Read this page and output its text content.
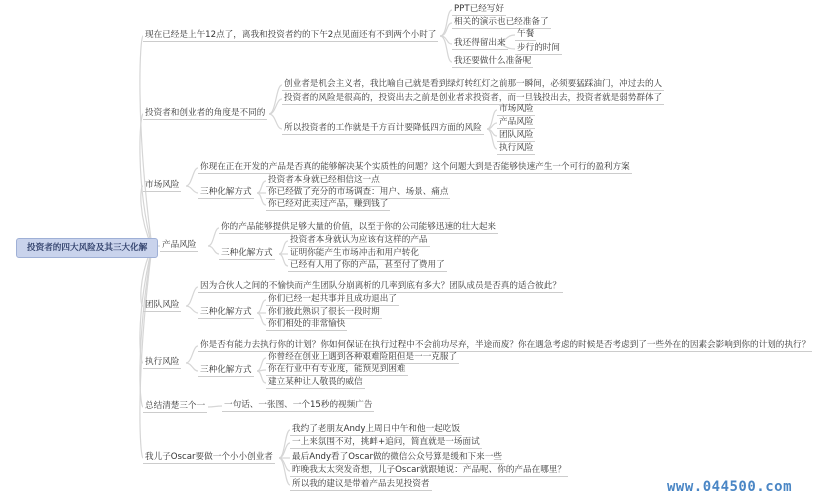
投资者的四大风险及其三大化解
现在已经是上午12点了，离我和投资者约的下午2点见面还有不到两个小时了
PPT已经写好
相关的演示也已经准备了
我还得留出来
午餐
步行的时间
我还要做什么准备呢
投资者和创业者的角度是不同的
创业者是机会主义者，我比喻自己就是看到绿灯转红灯之前那一瞬间，必须要猛踩油门，冲过去的人
投资者的风险是很高的，投资出去之前是创业者求投资者，而一旦钱投出去，投资者就是弱势群体了
所以投资者的工作就是千方百计要降低四方面的风险
市场风险
产品风险
团队风险
执行风险
市场风险
你现在正在开发的产品是否真的能够解决某个实质性的问题？这个问题大到是否能够快速产生一个可行的盈利方案
三种化解方式
投资者本身就已经相信这一点
你已经做了充分的市场调查：用户、场景、痛点
你已经对此卖过产品，赚到钱了
产品风险
你的产品能够提供足够大量的价值，以至于你的公司能够迅速的壮大起来
三种化解方式
投资者本身就认为应该有这样的产品
证明你能产生市场冲击和用户转化
已经有人用了你的产品，甚至付了费用了
团队风险
因为合伙人之间的不愉快而产生团队分崩离析的几率到底有多大？团队成员是否真的适合彼此？
三种化解方式
你们已经一起共事并且成功退出了
你们彼此熟识了很长一段时期
你们相处的非常愉快
执行风险
你是否有能力去执行你的计划？你如何保证在执行过程中不会前功尽弃，半途而废？你在遇急考虑的时候是否考虑到了一些外在的因素会影响到你的计划的执行？
三种化解方式
你曾经在创业上遇到各种艰难险阻但是一一克服了
你在行业中有专业度，能预见到困难
建立某种让人敬畏的威信
总结清楚三个一 一句话、一张图、一个15秒的视频广告
我儿子Oscar要做一个小小创业者
我约了老朋友Andy上周日中午和他一起吃饭
一上来氛围不对，挑衅+追问，简直就是一场面试
最后Andy看了Oscar做的微信公众号算是缓和下来一些
昨晚我太太突发奇想，儿子Oscar就跟她说：产品呢、你的产品在哪里？
所以我的建议是带着产品去见投资者	www.044500.com
